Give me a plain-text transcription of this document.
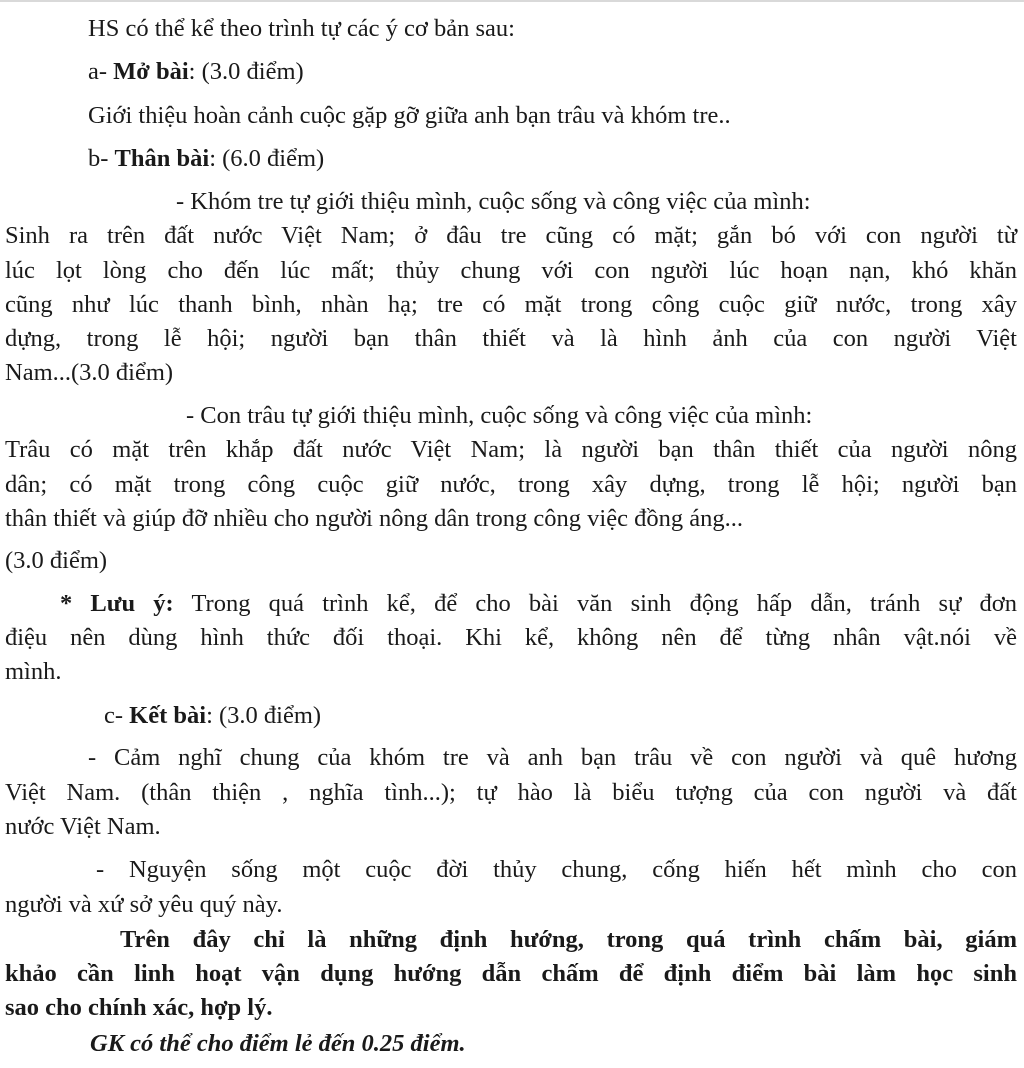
HS có thể kể theo trình tự các ý cơ bản sau:
a- Mở bài: (3.0 điểm)
Giới thiệu hoàn cảnh cuộc gặp gỡ giữa anh bạn trâu và khóm tre..
b- Thân bài: (6.0 điểm)
- Khóm tre tự giới thiệu mình, cuộc sống và công việc của mình:
Sinh ra trên đất nước Việt Nam; ở đâu tre cũng có mặt; gắn bó với con người từ
lúc lọt lòng cho đến lúc mất; thủy chung với con người lúc hoạn nạn, khó khăn
cũng như lúc thanh bình, nhàn hạ; tre có mặt trong công cuộc giữ nước, trong xây
dựng, trong lễ hội; người bạn thân thiết và là hình ảnh của con người Việt
Nam...(3.0 điểm)
- Con trâu tự giới thiệu mình, cuộc sống và công việc của mình:
Trâu có mặt trên khắp đất nước Việt Nam; là người bạn thân thiết của người nông
dân; có mặt trong công cuộc giữ nước, trong xây dựng, trong lễ hội; người bạn
thân thiết và giúp đỡ nhiều cho người nông dân trong công việc đồng áng...
(3.0 điểm)
* Lưu ý: Trong quá trình kể, để cho bài văn sinh động hấp dẫn, tránh sự đơn
điệu nên dùng hình thức đối thoại. Khi kể, không nên để từng nhân vật.nói về
mình.
c- Kết bài: (3.0 điểm)
- Cảm nghĩ chung của khóm tre và anh bạn trâu về con người và quê hương
Việt Nam. (thân thiện , nghĩa tình...); tự hào là biểu tượng của con người và đất
nước Việt Nam.
- Nguyện sống một cuộc đời thủy chung, cống hiến hết mình cho con
người và xứ sở yêu quý này.
Trên đây chỉ là những định hướng, trong quá trình chấm bài, giám
khảo cần linh hoạt vận dụng hướng dẫn chấm để định điểm bài làm học sinh
sao cho chính xác, hợp lý.
GK có thể cho điểm lẻ đến 0.25 điểm.
